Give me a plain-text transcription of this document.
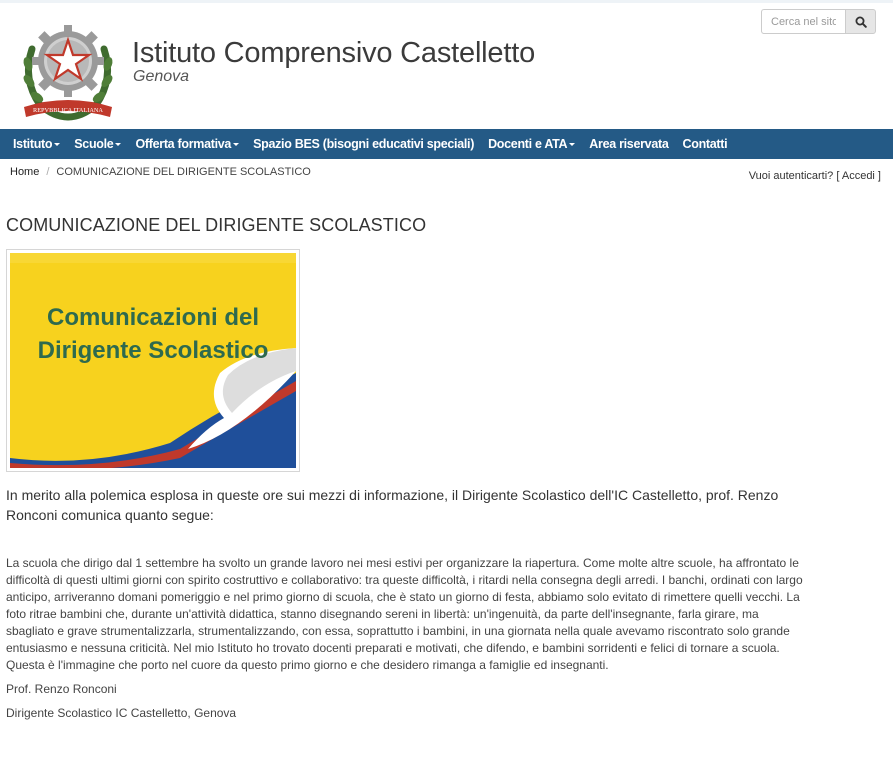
REPVBBLICA ITALIANA
Istituto Comprensivo Castelletto
Genova
Cerca nel sito
Istituto Scuole Offerta formativa Spazio BES (bisogni educativi speciali) Docenti e ATA Area riservata Contatti
Home / COMUNICAZIONE DEL DIRIGENTE SCOLASTICO	Vuoi autenticarti? [ Accedi ]
COMUNICAZIONE DEL DIRIGENTE SCOLASTICO
Comunicazioni del
Dirigente Scolastico

In merito alla polemica esplosa in queste ore sui mezzi di informazione, il Dirigente Scolastico dell'IC Castelletto, prof. Renzo Ronconi comunica quanto segue:

La scuola che dirigo dal 1 settembre ha svolto un grande lavoro nei mesi estivi per organizzare la riapertura. Come molte altre scuole, ha affrontato le difficoltà di questi ultimi giorni con spirito costruttivo e collaborativo: tra queste difficoltà, i ritardi nella consegna degli arredi. I banchi, ordinati con largo anticipo, arriveranno domani pomeriggio e nel primo giorno di scuola, che è stato un giorno di festa, abbiamo solo evitato di rimettere quelli vecchi. La foto ritrae bambini che, durante un'attività didattica, stanno disegnando sereni in libertà: un'ingenuità, da parte dell'insegnante, farla girare, ma sbagliato e grave strumentalizzarla, strumentalizzando, con essa, soprattutto i bambini, in una giornata nella quale avevamo riscontrato solo grande entusiasmo e nessuna criticità. Nel mio Istituto ho trovato docenti preparati e motivati, che difendo, e bambini sorridenti e felici di tornare a scuola. Questa è l'immagine che porto nel cuore da questo primo giorno e che desidero rimanga a famiglie ed insegnanti.

Prof. Renzo Ronconi

Dirigente Scolastico IC Castelletto, Genova
